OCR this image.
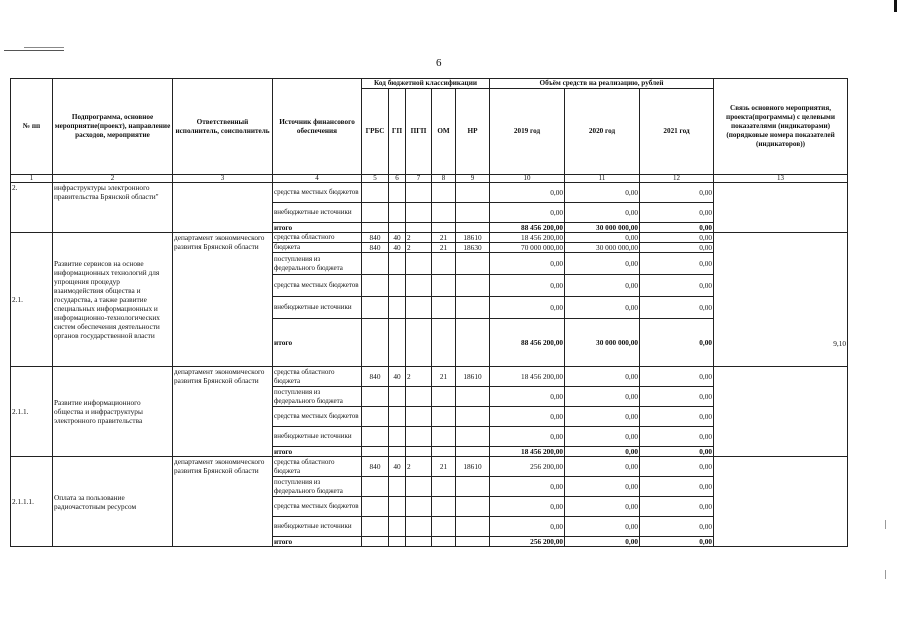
6
№ пп	Подпрограмма, основное мероприятие(проект), направление расходов, мероприятие	Ответственный исполнитель, соисполнитель	Источник финансового обеспечения	Код бюджетной классификации					Объём средств на реализацию, рублей			Связь основного мероприятия, проекта(программы) с целевыми показателями (индикаторами) (порядковые номера показателей (индикаторов))
				ГРБС	ГП	ПГП	ОМ	НР	2019 год	2020 год	2021 год	
1	2	3	4	5	6	7	8	9	10	11	12	13
2.	инфраструктуры электронного правительства Брянской области"		средства местных бюджетов						0,00	0,00	0,00	
			внебюджетные источники						0,00	0,00	0,00	
			итого						88 456 200,00	30 000 000,00	0,00	
2.1.	Развитие сервисов на основе информационных технологий для упрощения процедур взаимодействия общества и государства, а также развитие специальных информационных и информационно-технологических систем обеспечения деятельности органов государственной власти	департамент экономического развития Брянской области	средства областного	840	40	2	21	18610	18 456 200,00	0,00	0,00	9,10
			бюджета	840	40	2	21	18630	70 000 000,00	30 000 000,00	0,00	
			поступления из федерального бюджета						0,00	0,00	0,00	
			средства местных бюджетов						0,00	0,00	0,00	
			внебюджетные источники						0,00	0,00	0,00	
			итого						88 456 200,00	30 000 000,00	0,00	
2.1.1.	Развитие информационного общества и инфраструктуры электронного правительства	департамент экономического развития Брянской области	средства областного бюджета	840	40	2	21	18610	18 456 200,00	0,00	0,00	
			поступления из федерального бюджета						0,00	0,00	0,00	
			средства местных бюджетов						0,00	0,00	0,00	
			внебюджетные источники						0,00	0,00	0,00	
			итого						18 456 200,00	0,00	0,00	
2.1.1.1.	Оплата за пользование радиочастотным ресурсом	департамент экономического развития Брянской области	средства областного бюджета	840	40	2	21	18610	256 200,00	0,00	0,00	
			поступления из федерального бюджета						0,00	0,00	0,00	
			средства местных бюджетов						0,00	0,00	0,00	
			внебюджетные источники						0,00	0,00	0,00	
			итого						256 200,00	0,00	0,00	
